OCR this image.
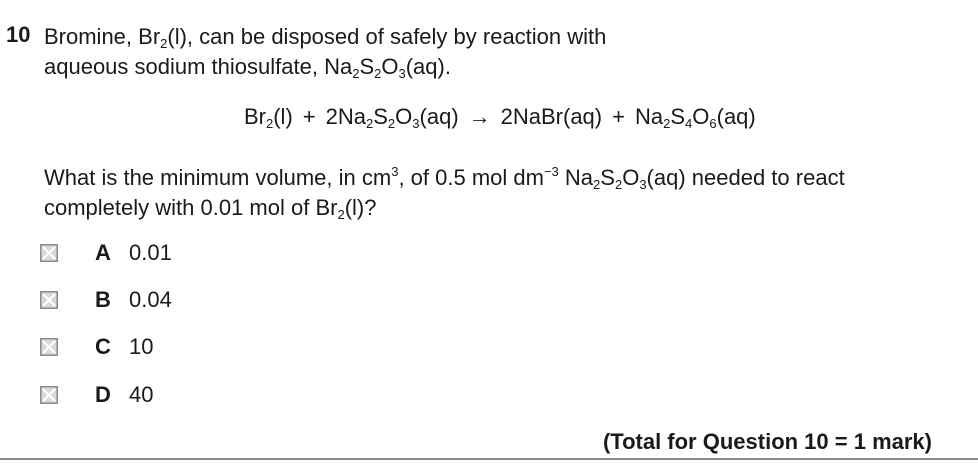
10 Bromine, $Br_2(l)$, can be disposed of safely by reaction with
aqueous sodium thiosulfate, $Na_2S_2O_3(aq)$.
$Br_2(l) + 2Na_2S_2O_3(aq)$ → 2NaBr(aq) + $Na_2S_4O_6(aq)$
What is the minimum volume, in $cm^3$, of 0.5 mol $dm^{-3}$ $Na_2S_2O_3(aq)$ needed to react
completely with 0.01 mol of $Br_2(l)$?
A 0.01
B 0.04
C 10
D 40
(Total for Question 10 = 1 mark)
